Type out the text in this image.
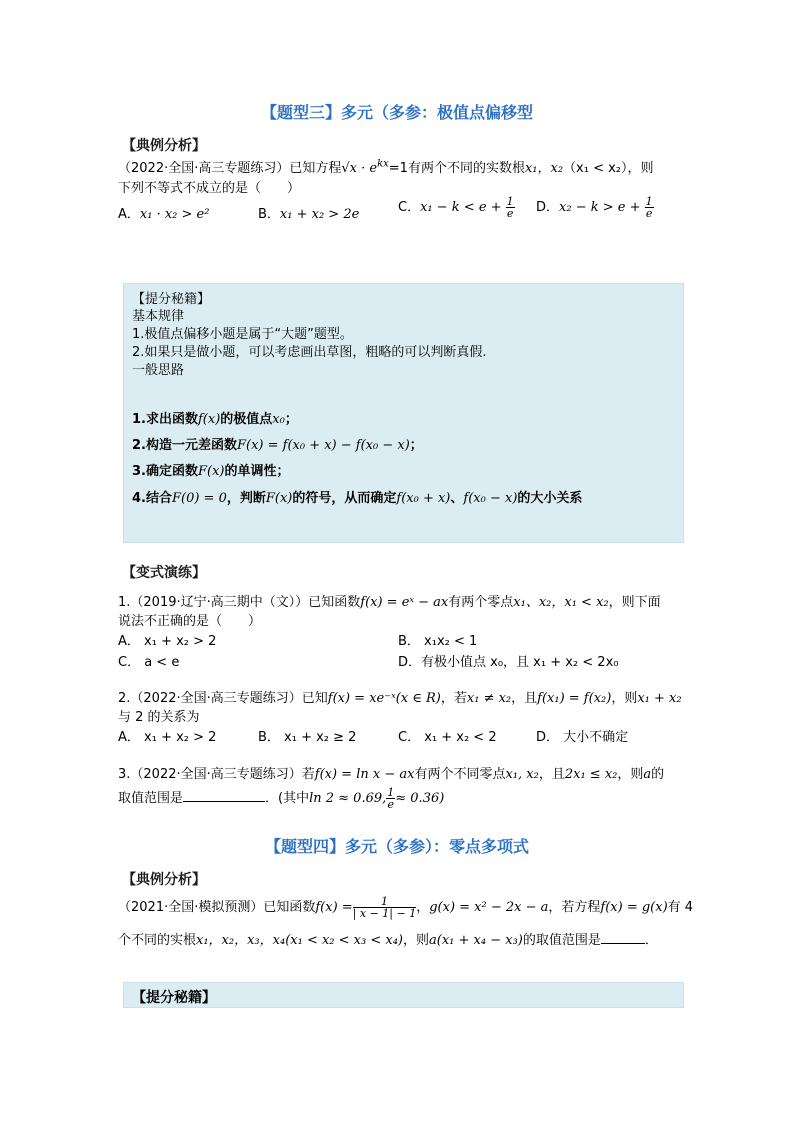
【题型三】多元（多参：极值点偏移型
【典例分析】
（2022·全国·高三专题练习）已知方程$√x \cdot e^{kx}=1$有两个不同的实数根x₁，x₂（x₁ < x₂），则
下列不等式不成立的是（　　）
A．x₁ · x₂ > e²	B．x₁ + x₂ > 2e	C．$x_1 - k < e + \frac{1}{e}$ D．$x_2 - k > e + \frac{1}{e}$
【提分秘籍】
基本规律
1.极值点偏移小题是属于“大题”题型。
2.如果只是做小题，可以考虑画出草图，粗略的可以判断真假.
一般思路
1.求出函数f(x)的极值点x₀；
2.构造一元差函数F(x) = f(x₀ + x) − f(x₀ − x)；
3.确定函数F(x)的单调性；
4.结合F(0) = 0，判断F(x)的符号，从而确定f(x₀ + x)、f(x₀ − x)的大小关系
【变式演练】
1.（2019·辽宁·高三期中（文））已知函数f(x) = eˣ − ax有两个零点x₁、x₂，x₁ < x₂，则下面
说法不正确的是（　　）
A． x₁ + x₂ > 2	B． x₁x₂ < 1
C． a < e	D．有极小值点 x₀，且 x₁ + x₂ < 2x₀
2.（2022·全国·高三专题练习）已知f(x) = xe⁻ˣ(x ∈ R)，若x₁ ≠ x₂，且f(x₁) = f(x₂)，则x₁ + x₂
与 2 的关系为
A． x₁ + x₂ > 2	B． x₁ + x₂ ≥ 2	C． x₁ + x₂ < 2	D． 大小不确定
3.（2022·全国·高三专题练习）若f(x) = ln x − ax有两个不同零点x₁, x₂，且2x₁ ≤ x₂，则a的
取值范围是	．(其中ln 2 ≈ 0.69, $\frac{1}{e} \approx 0.36$)
【题型四】多元（多参）：零点多项式
【典例分析】
（2021·全国·模拟预测）已知函数$f(x) = \frac{1}{| x - 1| - 1}$ ，g(x) = x² − 2x − a，若方程f(x) = g(x)有 4
个不同的实根x₁，x₂，x₃，x₄(x₁ < x₂ < x₃ < x₄)，则a(x₁ + x₄ − x₃)的取值范围是	．
【提分秘籍】
